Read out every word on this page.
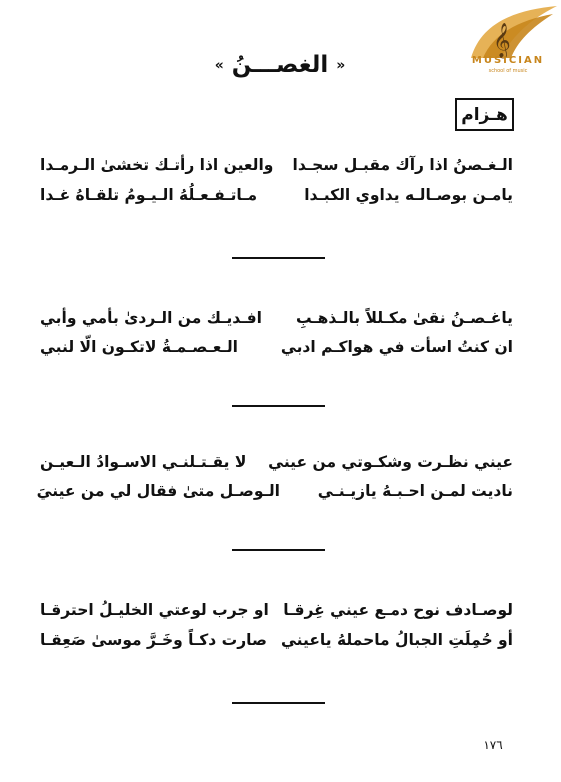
𝄞
MUSICIAN
school of music
« الغصـــنُ »
هـزام
الـغـصنُ اذا رآك مقبـل سجـدا
والعين اذا رأتـك تخشىٰ الـرمـدا
يامـن بوصـالـه يداوي الكبـدا
مـاتـفـعـلُهُ الـيـومُ تلقـاهُ غـدا
ياغـصـنُ نقىٰ مكـللاً بالـذهـبِ
افـديـك من الـردىٰ بأمي وأبي
ان كنتُ اسأت في هواكـم ادبي
الـعـصـمـةُ لاتكـون الّا لنبي
عيني نظـرت وشكـوتي من عيني
لا يقـتـلنـي الاسـوادُ الـعيـن
ناديت لمـن احـبـهُ يازيـنـي
الـوصـل متىٰ فقال لي من عينيَ
لوصـادف نوح دمـع عيني غِرقـا
او جرب لوعتي الخليـلُ احترقـا
أو حُمِلَتِ الجبالُ ماحملهُ ياعيني
صارت دكـاً وخَـرَّ موسىٰ صَعِقـا
١٧٦
